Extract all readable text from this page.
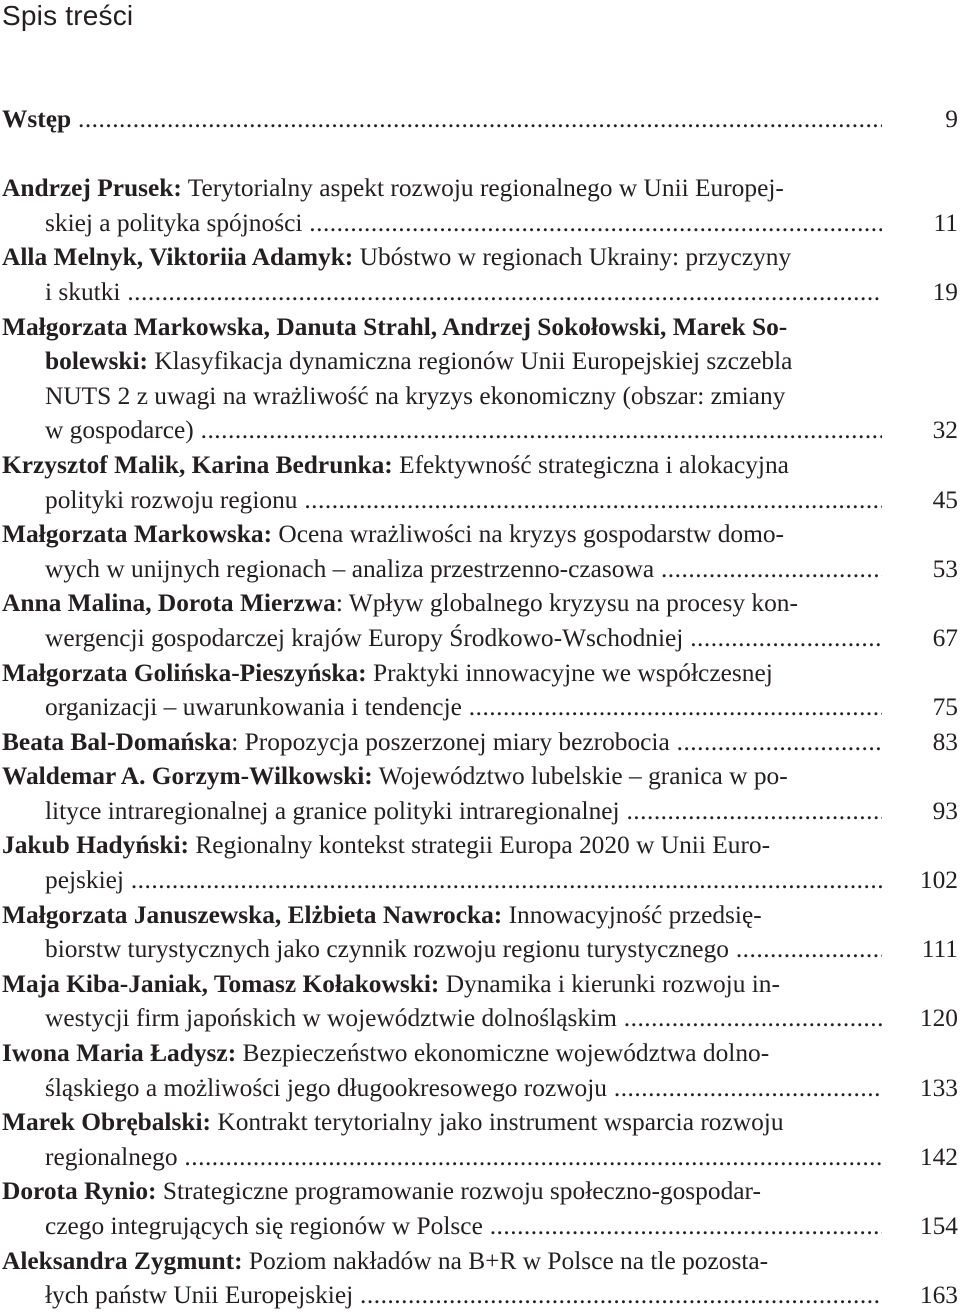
Spis treści
Wstęp .....	9
Andrzej Prusek: Terytorialny aspekt rozwoju regionalnego w Unii Europej-
skiej a polityka spójności .....	11
Alla Melnyk, Viktoriia Adamyk: Ubóstwo w regionach Ukrainy: przyczyny
i skutki .....	19
Małgorzata Markowska, Danuta Strahl, Andrzej Sokołowski, Marek So-
bolewski: Klasyfikacja dynamiczna regionów Unii Europejskiej szczebla
NUTS 2 z uwagi na wrażliwość na kryzys ekonomiczny (obszar: zmiany
w gospodarce) .....	32
Krzysztof Malik, Karina Bedrunka: Efektywność strategiczna i alokacyjna
polityki rozwoju regionu .....	45
Małgorzata Markowska: Ocena wrażliwości na kryzys gospodarstw domo-
wych w unijnych regionach – analiza przestrzenno-czasowa .....	53
Anna Malina, Dorota Mierzwa: Wpływ globalnego kryzysu na procesy kon-
wergencji gospodarczej krajów Europy Środkowo-Wschodniej .....	67
Małgorzata Golińska-Pieszyńska: Praktyki innowacyjne we współczesnej
organizacji – uwarunkowania i tendencje .....	75
Beata Bal-Domańska: Propozycja poszerzonej miary bezrobocia .....	83
Waldemar A. Gorzym-Wilkowski: Województwo lubelskie – granica w po-
lityce intraregionalnej a granice polityki intraregionalnej .....	93
Jakub Hadyński: Regionalny kontekst strategii Europa 2020 w Unii Euro-
pejskiej .....	102
Małgorzata Januszewska, Elżbieta Nawrocka: Innowacyjność przedsię-
biorstw turystycznych jako czynnik rozwoju regionu turystycznego .....	111
Maja Kiba-Janiak, Tomasz Kołakowski: Dynamika i kierunki rozwoju in-
westycji firm japońskich w województwie dolnośląskim .....	120
Iwona Maria Ładysz: Bezpieczeństwo ekonomiczne województwa dolno-
śląskiego a możliwości jego długookresowego rozwoju .....	133
Marek Obrębalski: Kontrakt terytorialny jako instrument wsparcia rozwoju
regionalnego .....	142
Dorota Rynio: Strategiczne programowanie rozwoju społeczno-gospodar-
czego integrujących się regionów w Polsce .....	154
Aleksandra Zygmunt: Poziom nakładów na B+R w Polsce na tle pozosta-
łych państw Unii Europejskiej .....	163
